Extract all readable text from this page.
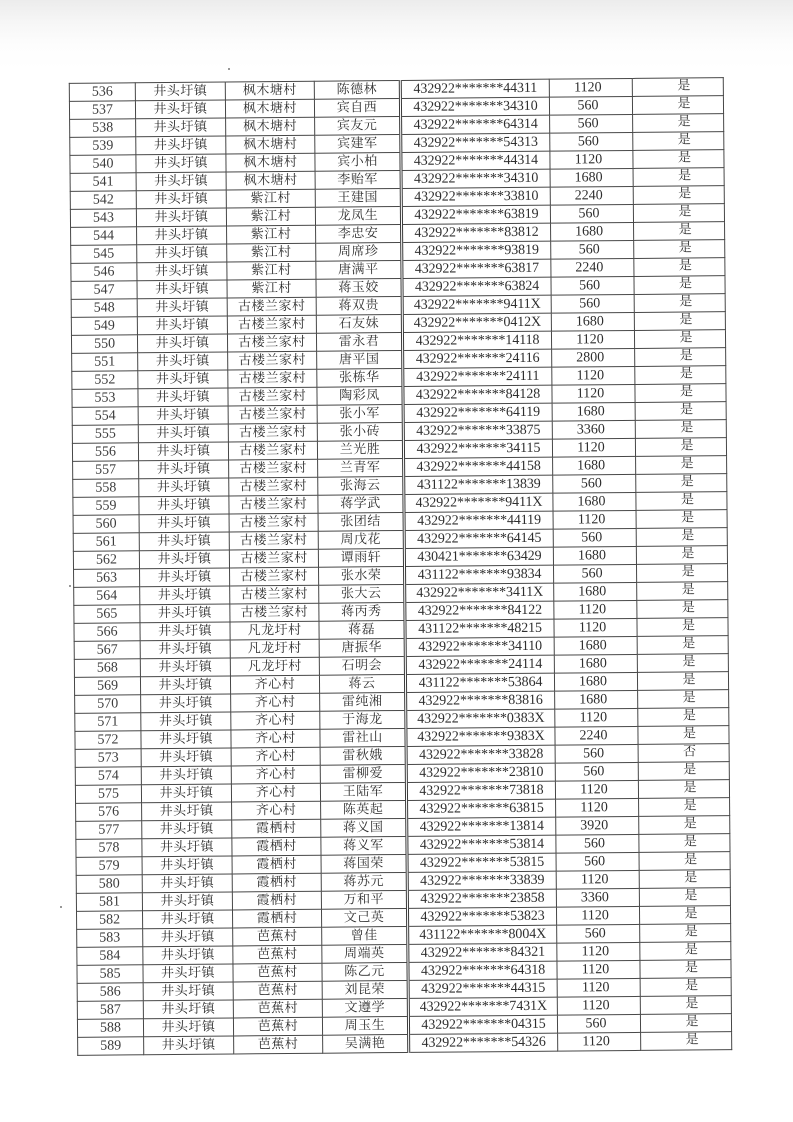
536	井头圩镇	枫木塘村	陈德林	432922*******44311	1120	是
537	井头圩镇	枫木塘村	宾自西	432922*******34310	560	是
538	井头圩镇	枫木塘村	宾友元	432922*******64314	560	是
539	井头圩镇	枫木塘村	宾建军	432922*******54313	560	是
540	井头圩镇	枫木塘村	宾小柏	432922*******44314	1120	是
541	井头圩镇	枫木塘村	李贻军	432922*******34310	1680	是
542	井头圩镇	紫江村	王建国	432922*******33810	2240	是
543	井头圩镇	紫江村	龙凤生	432922*******63819	560	是
544	井头圩镇	紫江村	李忠安	432922*******83812	1680	是
545	井头圩镇	紫江村	周席珍	432922*******93819	560	是
546	井头圩镇	紫江村	唐满平	432922*******63817	2240	是
547	井头圩镇	紫江村	蒋玉姣	432922*******63824	560	是
548	井头圩镇	古楼兰家村	蒋双贵	432922*******9411X	560	是
549	井头圩镇	古楼兰家村	石友妹	432922*******0412X	1680	是
550	井头圩镇	古楼兰家村	雷永君	432922*******14118	1120	是
551	井头圩镇	古楼兰家村	唐平国	432922*******24116	2800	是
552	井头圩镇	古楼兰家村	张栋华	432922*******24111	1120	是
553	井头圩镇	古楼兰家村	陶彩凤	432922*******84128	1120	是
554	井头圩镇	古楼兰家村	张小军	432922*******64119	1680	是
555	井头圩镇	古楼兰家村	张小砖	432922*******33875	3360	是
556	井头圩镇	古楼兰家村	兰光胜	432922*******34115	1120	是
557	井头圩镇	古楼兰家村	兰青军	432922*******44158	1680	是
558	井头圩镇	古楼兰家村	张海云	431122*******13839	560	是
559	井头圩镇	古楼兰家村	蒋学武	432922*******9411X	1680	是
560	井头圩镇	古楼兰家村	张团结	432922*******44119	1120	是
561	井头圩镇	古楼兰家村	周戊花	432922*******64145	560	是
562	井头圩镇	古楼兰家村	谭雨轩	430421*******63429	1680	是
563	井头圩镇	古楼兰家村	张水荣	431122*******93834	560	是
564	井头圩镇	古楼兰家村	张大云	432922*******3411X	1680	是
565	井头圩镇	古楼兰家村	蒋丙秀	432922*******84122	1120	是
566	井头圩镇	凡龙圩村	蒋磊	431122*******48215	1120	是
567	井头圩镇	凡龙圩村	唐振华	432922*******34110	1680	是
568	井头圩镇	凡龙圩村	石明会	432922*******24114	1680	是
569	井头圩镇	齐心村	蒋云	431122*******53864	1680	是
570	井头圩镇	齐心村	雷纯湘	432922*******83816	1680	是
571	井头圩镇	齐心村	于海龙	432922*******0383X	1120	是
572	井头圩镇	齐心村	雷社山	432922*******9383X	2240	是
573	井头圩镇	齐心村	雷秋娥	432922*******33828	560	否
574	井头圩镇	齐心村	雷柳爱	432922*******23810	560	是
575	井头圩镇	齐心村	王陆军	432922*******73818	1120	是
576	井头圩镇	齐心村	陈英起	432922*******63815	1120	是
577	井头圩镇	霞栖村	蒋义国	432922*******13814	3920	是
578	井头圩镇	霞栖村	蒋义军	432922*******53814	560	是
579	井头圩镇	霞栖村	蒋国荣	432922*******53815	560	是
580	井头圩镇	霞栖村	蒋苏元	432922*******33839	1120	是
581	井头圩镇	霞栖村	万和平	432922*******23858	3360	是
582	井头圩镇	霞栖村	文己英	432922*******53823	1120	是
583	井头圩镇	芭蕉村	曾佳	431122*******8004X	560	是
584	井头圩镇	芭蕉村	周端英	432922*******84321	1120	是
585	井头圩镇	芭蕉村	陈乙元	432922*******64318	1120	是
586	井头圩镇	芭蕉村	刘昆荣	432922*******44315	1120	是
587	井头圩镇	芭蕉村	文遵学	432922*******7431X	1120	是
588	井头圩镇	芭蕉村	周玉生	432922*******04315	560	是
589	井头圩镇	芭蕉村	吴满艳	432922*******54326	1120	是
